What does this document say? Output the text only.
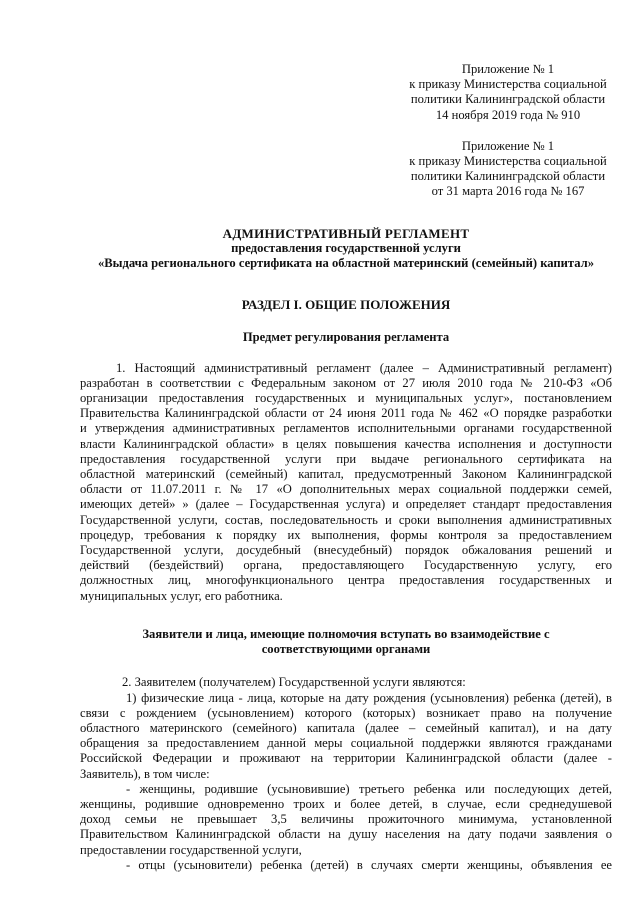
Приложение № 1
к приказу Министерства социальной
политики Калининградской области
14 ноября 2019 года № 910
Приложение № 1
к приказу Министерства социальной
политики Калининградской области
от 31 марта 2016 года № 167
АДМИНИСТРАТИВНЫЙ РЕГЛАМЕНТ
предоставления государственной услуги
«Выдача регионального сертификата на областной материнский (семейный) капитал»
РАЗДЕЛ I. ОБЩИЕ ПОЛОЖЕНИЯ
Предмет регулирования регламента
1. Настоящий административный регламент (далее – Административный регламент)
разработан в соответствии с Федеральным законом от 27 июля 2010 года № 210-ФЗ «Об
организации предоставления государственных и муниципальных услуг», постановлением
Правительства Калининградской области от 24 июня 2011 года № 462 «О порядке разработки
и утверждения административных регламентов исполнительными органами государственной
власти Калининградской области» в целях повышения качества исполнения и доступности
предоставления государственной услуги при выдаче регионального сертификата на
областной материнский (семейный) капитал, предусмотренный Законом Калининградской
области от 11.07.2011 г. № 17 «О дополнительных мерах социальной поддержки семей,
имеющих детей» » (далее – Государственная услуга) и определяет стандарт предоставления
Государственной услуги, состав, последовательность и сроки выполнения административных
процедур, требования к порядку их выполнения, формы контроля за предоставлением
Государственной услуги, досудебный (внесудебный) порядок обжалования решений и
действий (бездействий) органа, предоставляющего Государственную услугу, его
должностных лиц, многофункционального центра предоставления государственных и
муниципальных услуг, его работника.
Заявители и лица, имеющие полномочия вступать во взаимодействие с
соответствующими органами
2. Заявителем (получателем) Государственной услуги являются:
1) физические лица - лица, которые на дату рождения (усыновления) ребенка (детей), в
связи с рождением (усыновлением) которого (которых) возникает право на получение
областного материнского (семейного) капитала (далее – семейный капитал), и на дату
обращения за предоставлением данной меры социальной поддержки являются гражданами
Российской Федерации и проживают на территории Калининградской области (далее -
Заявитель), в том числе:
- женщины, родившие (усыновившие) третьего ребенка или последующих детей,
женщины, родившие одновременно троих и более детей, в случае, если среднедушевой
доход семьи не превышает 3,5 величины прожиточного минимума, установленной
Правительством Калининградской области на душу населения на дату подачи заявления о
предоставлении государственной услуги,
- отцы (усыновители) ребенка (детей) в случаях смерти женщины, объявления ее
